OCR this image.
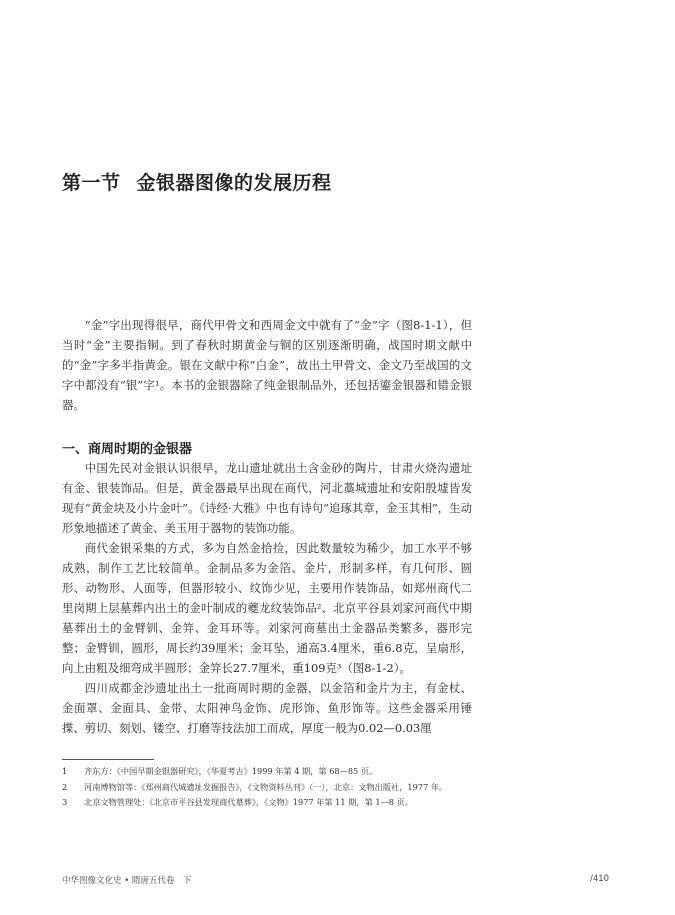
第一节 金银器图像的发展历程

“金”字出现得很早，商代甲骨文和西周金文中就有了“金”字（图8-1-1），但当时“金”主要指铜。到了春秋时期黄金与铜的区别逐渐明确，战国时期文献中的“金”字多半指黄金。银在文献中称“白金”，故出土甲骨文、金文乃至战国的文字中都没有“银”字¹。本书的金银器除了纯金银制品外，还包括鎏金银器和错金银器。

一、商周时期的金银器

中国先民对金银认识很早，龙山遗址就出土含金砂的陶片，甘肃火烧沟遗址有金、银装饰品。但是，黄金器最早出现在商代，河北藁城遗址和安阳殷墟皆发现有“黄金块及小片金叶”。《诗经·大雅》中也有诗句“追琢其章，金玉其相”，生动形象地描述了黄金、美玉用于器物的装饰功能。

商代金银采集的方式，多为自然金拾捡，因此数量较为稀少，加工水平不够成熟，制作工艺比较简单。金制品多为金箔、金片，形制多样，有几何形、圆形、动物形、人面等，但器形较小、纹饰少见，主要用作装饰品，如郑州商代二里岗期上层墓葬内出土的金叶制成的夔龙纹装饰品²、北京平谷县刘家河商代中期墓葬出土的金臂钏、金笄、金耳环等。刘家河商墓出土金器品类繁多，器形完整；金臂钏，圆形，周长约39厘米；金耳坠，通高3.4厘米，重6.8克，呈扇形，向上由粗及细弯成半圆形；金笄长27.7厘米，重109克³（图8-1-2）。

四川成都金沙遗址出土一批商周时期的金器，以金箔和金片为主，有金杖、金面罩、金面具、金带、太阳神鸟金饰、虎形饰、鱼形饰等。这些金器采用锤揲、剪切、刻划、镂空、打磨等技法加工而成，厚度一般为0.02—0.03厘

1	齐东方：《中国早期金银器研究》，《华夏考古》1999 年第 4 期，第 68—85 页。
2	河南博物馆等：《郑州商代城遗址发掘报告》，《文物资料丛刊》（一），北京：文物出版社，1977 年。
3	北京文物管理处：《北京市平谷县发现商代墓葬》，《文物》1977 年第 11 期，第 1—8 页。
中华图像文化史 • 隋唐五代卷　下	/410
